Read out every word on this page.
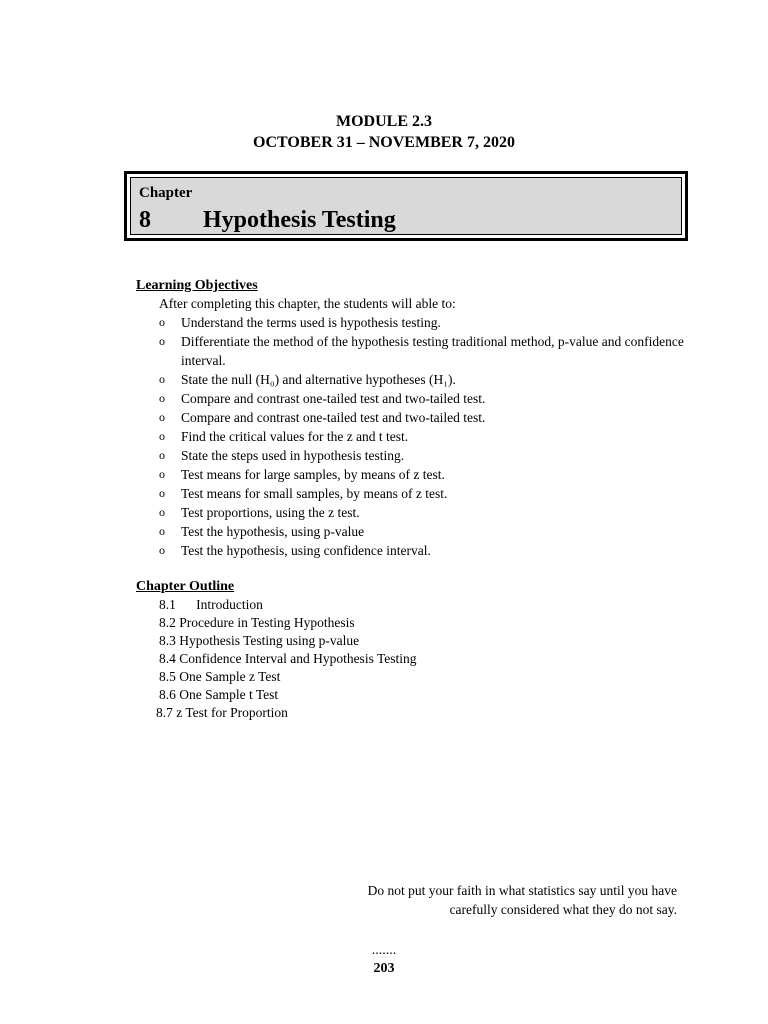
MODULE 2.3
OCTOBER 31 – NOVEMBER 7, 2020
Chapter
8 Hypothesis Testing
Learning Objectives
After completing this chapter, the students will able to:
o Understand the terms used is hypothesis testing.
o Differentiate the method of the hypothesis testing traditional method, p-value and confidence interval.
o State the null (H₀) and alternative hypotheses (H₁).
o Compare and contrast one-tailed test and two-tailed test.
o Compare and contrast one-tailed test and two-tailed test.
o Find the critical values for the z and t test.
o State the steps used in hypothesis testing.
o Test means for large samples, by means of z test.
o Test means for small samples, by means of z test.
o Test proportions, using the z test.
o Test the hypothesis, using p-value
o Test the hypothesis, using confidence interval.
Chapter Outline
8.1      Introduction
8.2 Procedure in Testing Hypothesis
8.3 Hypothesis Testing using p-value
8.4 Confidence Interval and Hypothesis Testing
8.5 One Sample z Test
8.6 One Sample t Test
8.7 z Test for Proportion
Do not put your faith in what statistics say until you have
carefully considered what they do not say.
.......
203
